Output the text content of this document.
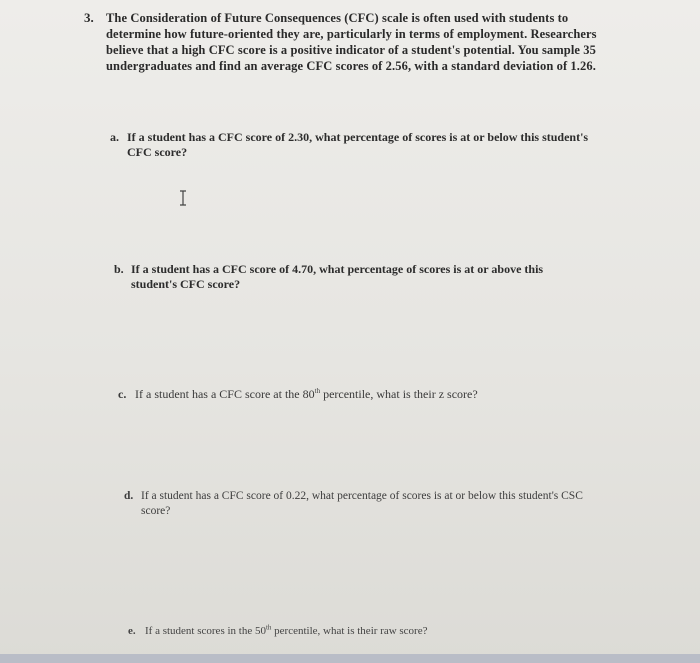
3. The Consideration of Future Consequences (CFC) scale is often used with students to determine how future-oriented they are, particularly in terms of employment. Researchers believe that a high CFC score is a positive indicator of a student's potential. You sample 35 undergraduates and find an average CFC scores of 2.56, with a standard deviation of 1.26.
a. If a student has a CFC score of 2.30, what percentage of scores is at or below this student's CFC score?
b. If a student has a CFC score of 4.70, what percentage of scores is at or above this student's CFC score?
c. If a student has a CFC score at the 80th percentile, what is their z score?
d. If a student has a CFC score of 0.22, what percentage of scores is at or below this student's CSC score?
e. If a student scores in the 50th percentile, what is their raw score?
